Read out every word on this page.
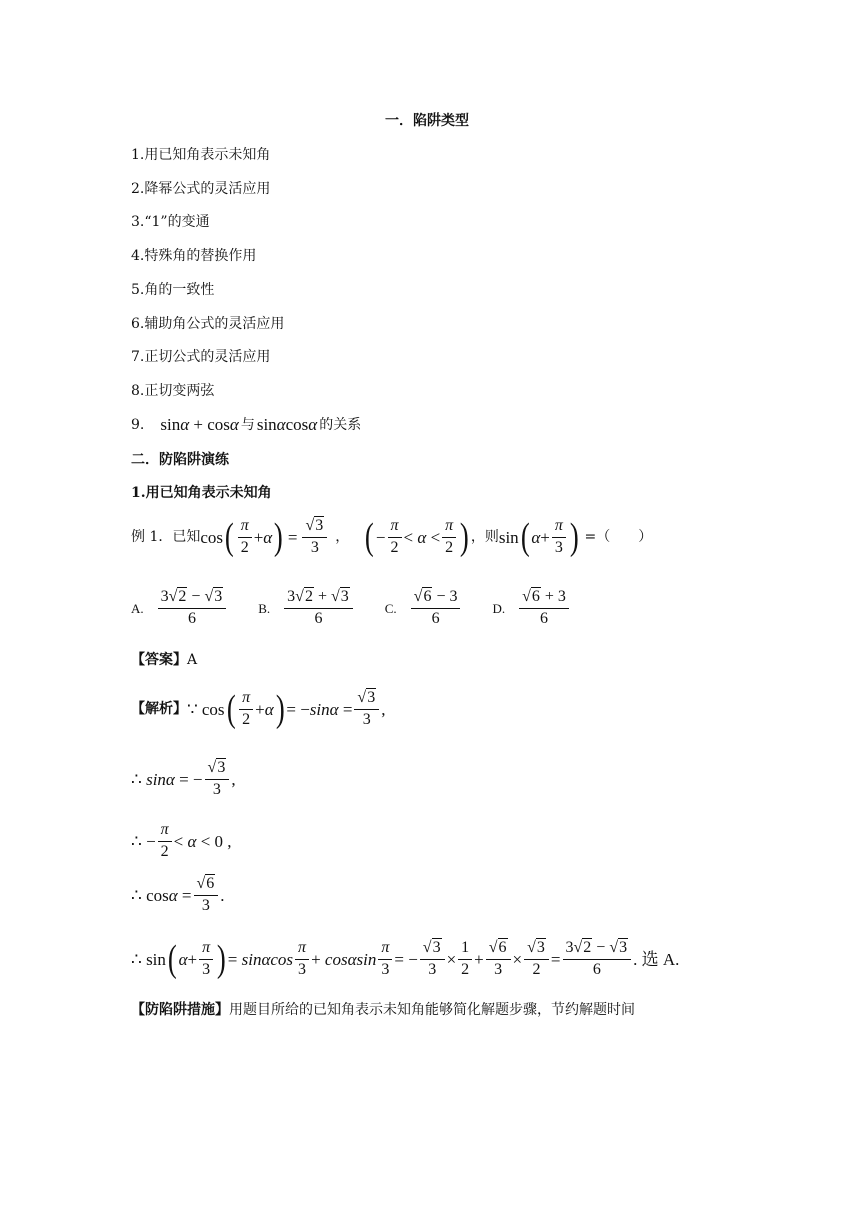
一．陷阱类型
1.用已知角表示未知角
2.降幂公式的灵活应用
3.“1”的变通
4.特殊角的替换作用
5.角的一致性
6.辅助角公式的灵活应用
7.正切公式的灵活应用
8.正切变两弦
9. sinα + cosα 与 sinαcosα 的关系
二．防陷阱演练
1.用已知角表示未知角
例 1．已知 cos ( $\frac{\pi}{2} +\alpha$ ) = $\frac{√3}{3}$ ， ( − $\frac{\pi}{2} < \alpha < \frac{\pi}{2}$ ) ，则 sin ( $\alpha + \frac{\pi}{3}$ ) =（　　）
A. $\frac{3√2 - √3}{6} B$. $\frac{3√2 + √3}{6} C$. $\frac{√6 - 3}{6} D$. $\frac{√6 + 3}{6}$
【答案】A
【解析】 ∵ cos ( $\frac{\pi}{2} +\alpha$ ) = $-\sin\alpha = \frac{√3}{3}$ ,
∴ sinα = − $\frac{√3}{3}$ ,
∴ − $\frac{\pi}{2} < \alpha < 0$ ,
∴ $\cos\alpha = \frac{√6}{3}$ .
∴ sin ( $\alpha + \frac{\pi}{3}$ ) = sinαcos $\frac{\pi}{3} + \cos\alpha\sin \frac{\pi}{3}$ = − $\frac{√3}{3} \times \frac{1}{2} + \frac{√6}{3} \times \frac{√3}{2} = \frac{3√2 - √3}{6}$ . 选 A.
【防陷阱措施】用题目所给的已知角表示未知角能够简化解题步骤，节约解题时间
